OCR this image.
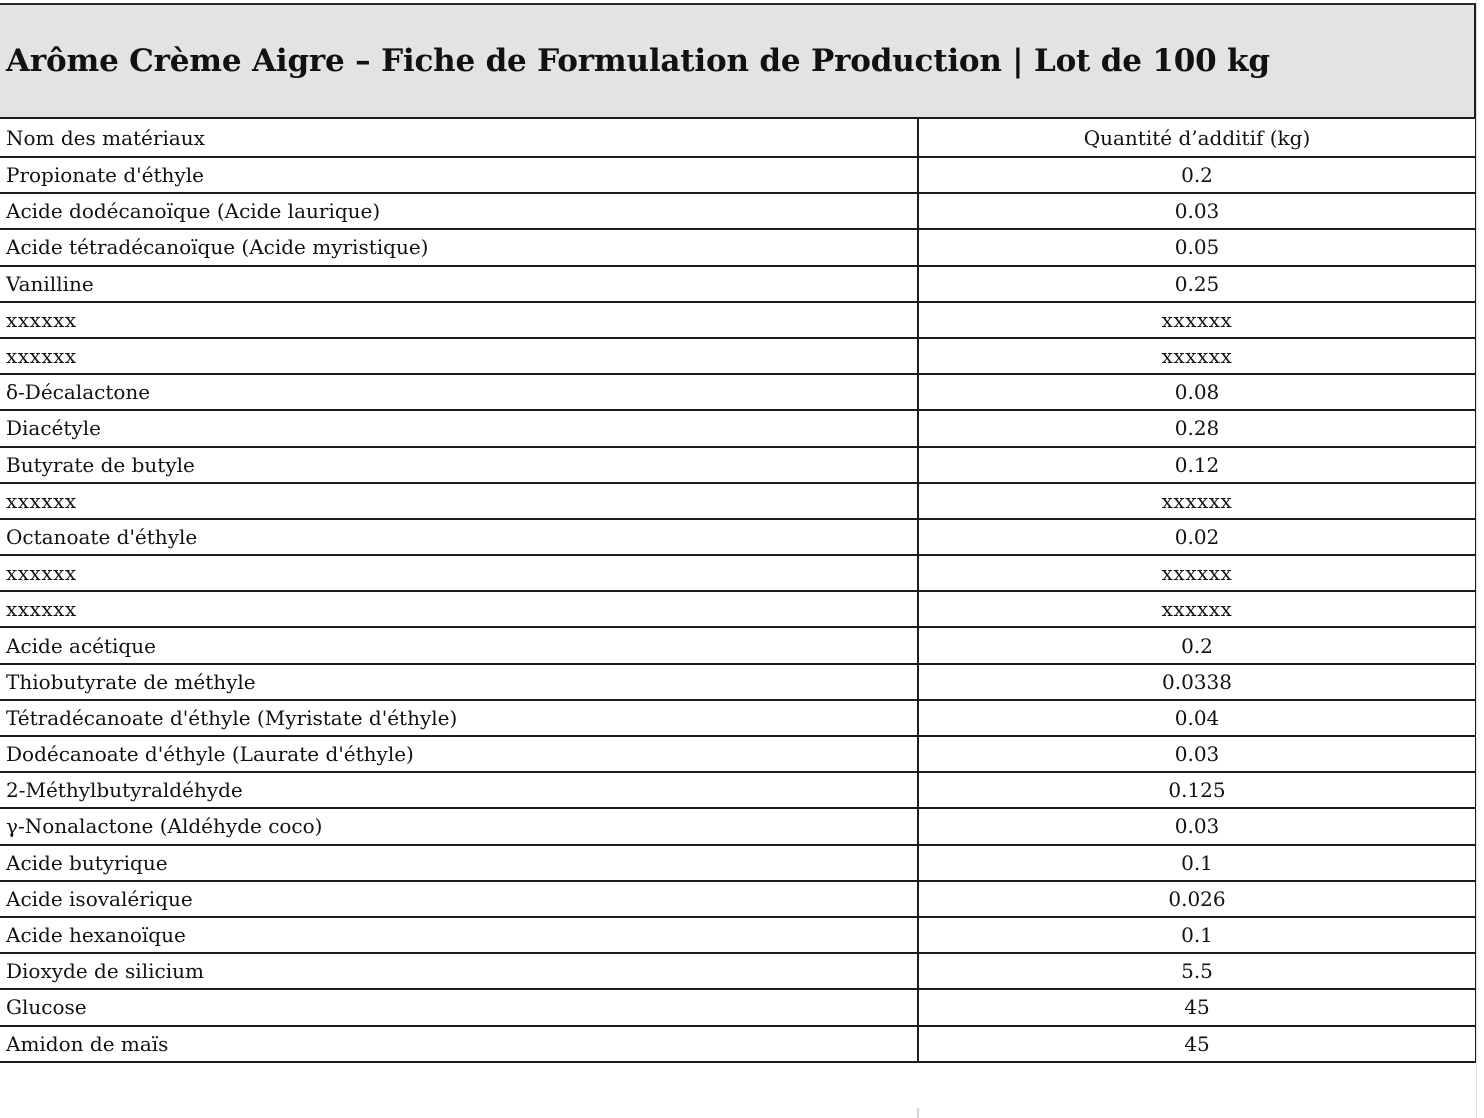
Arôme Crème Aigre – Fiche de Formulation de Production | Lot de 100 kg
Nom des matériaux	Quantité d’additif (kg)
Propionate d'éthyle	0.2
Acide dodécanoïque (Acide laurique)	0.03
Acide tétradécanoïque (Acide myristique)	0.05
Vanilline	0.25
xxxxxx	xxxxxx
xxxxxx	xxxxxx
δ-Décalactone	0.08
Diacétyle	0.28
Butyrate de butyle	0.12
xxxxxx	xxxxxx
Octanoate d'éthyle	0.02
xxxxxx	xxxxxx
xxxxxx	xxxxxx
Acide acétique	0.2
Thiobutyrate de méthyle	0.0338
Tétradécanoate d'éthyle (Myristate d'éthyle)	0.04
Dodécanoate d'éthyle (Laurate d'éthyle)	0.03
2-Méthylbutyraldéhyde	0.125
γ-Nonalactone (Aldéhyde coco)	0.03
Acide butyrique	0.1
Acide isovalérique	0.026
Acide hexanoïque	0.1
Dioxyde de silicium	5.5
Glucose	45
Amidon de maïs	45
